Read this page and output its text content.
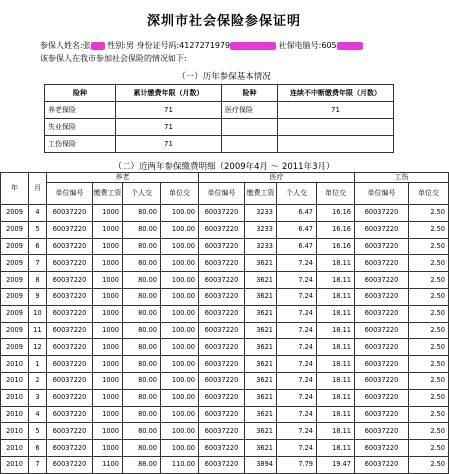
深圳市社会保险参保证明
参保人姓名:张 性别:男 身份证号码:4127271979	社保电脑号:605
该参保人在我市参加社会保险的情况如下:
（一）历年参保基本情况
险种	累计缴费年限（月数）	险种	连续不中断缴费年限（月数）
养老保险	71	医疗保险	71
失业保险	71		
工伤保险	71		
（二）近两年参保缴费明细（2009年4月 ～ 2011年3月）
年	月	养老				医疗				工伤	
		单位编号	缴费工资	个人交	单位交	单位编号	缴费工资	个人交	单位交	单位编号	单位交
2009	4	60037220	1000	80.00	100.00	60037220	3233	6.47	16.16	60037220	2.50
2009	5	60037220	1000	80.00	100.00	60037220	3233	6.47	16.16	60037220	2.50
2009	6	60037220	1000	80.00	100.00	60037220	3233	6.47	16.16	60037220	2.50
2009	7	60037220	1000	80.00	100.00	60037220	3621	7.24	18.11	60037220	2.50
2009	8	60037220	1000	80.00	100.00	60037220	3621	7.24	18.11	60037220	2.50
2009	9	60037220	1000	80.00	100.00	60037220	3621	7.24	18.11	60037220	2.50
2009	10	60037220	1000	80.00	100.00	60037220	3621	7.24	18.11	60037220	2.50
2009	11	60037220	1000	80.00	100.00	60037220	3621	7.24	18.11	60037220	2.50
2009	12	60037220	1000	80.00	100.00	60037220	3621	7.24	18.11	60037220	2.50
2010	1	60037220	1000	80.00	100.00	60037220	3621	7.24	18.11	60037220	2.50
2010	2	60037220	1000	80.00	100.00	60037220	3621	7.24	18.11	60037220	2.50
2010	3	60037220	1000	80.00	100.00	60037220	3621	7.24	18.11	60037220	2.50
2010	4	60037220	1000	80.00	100.00	60037220	3621	7.24	18.11	60037220	2.50
2010	5	60037220	1000	80.00	100.00	60037220	3621	7.24	18.11	60037220	2.50
2010	6	60037220	1000	80.00	100.00	60037220	3621	7.24	18.11	60037220	2.50
2010	7	60037220	1100	88.00	110.00	60037220	3894	7.79	19.47	60037220	2.50
